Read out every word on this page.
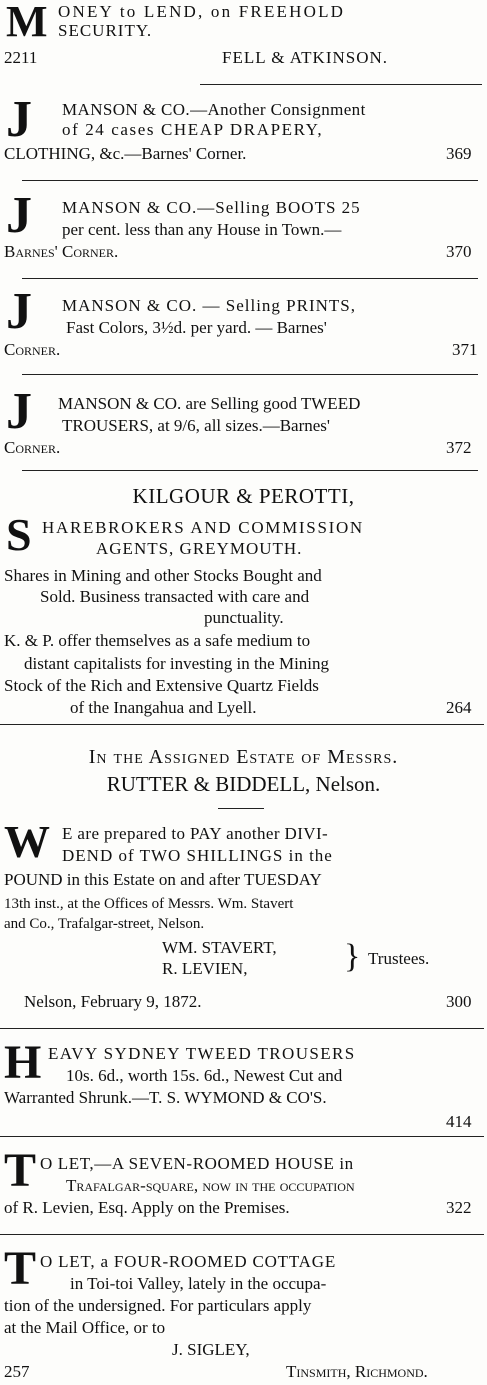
M ONEY to LEND, on FREEHOLD
SECURITY.
2211	FELL & ATKINSON.
J MANSON & CO.—Another Consignment
of 24 cases CHEAP DRAPERY,
CLOTHING, &c.—Barnes' Corner.	369
J MANSON & CO.—Selling BOOTS 25
per cent. less than any House in Town.—
Barnes' Corner.	370
J MANSON & CO. — Selling PRINTS,
Fast Colors, 3½d. per yard. — Barnes'
Corner.	371
J MANSON & CO. are Selling good TWEED
TROUSERS, at 9/6, all sizes.—Barnes'
Corner.	372
KILGOUR & PEROTTI,
S HAREBROKERS AND COMMISSION
AGENTS, GREYMOUTH.
Shares in Mining and other Stocks Bought and
Sold. Business transacted with care and
punctuality.
K. & P. offer themselves as a safe medium to
distant capitalists for investing in the Mining
Stock of the Rich and Extensive Quartz Fields
of the Inangahua and Lyell.	264
In the Assigned Estate of Messrs.
RUTTER & BIDDELL, Nelson.
W E are prepared to PAY another DIVI-
DEND of TWO SHILLINGS in the
POUND in this Estate on and after TUESDAY
13th inst., at the Offices of Messrs. Wm. Stavert
and Co., Trafalgar-street, Nelson.
WM. STAVERT,
R. LEVIEN,	} Trustees.
Nelson, February 9, 1872.	300
H EAVY SYDNEY TWEED TROUSERS
10s. 6d., worth 15s. 6d., Newest Cut and
Warranted Shrunk.—T. S. WYMOND & CO'S.
414
T O LET,—A SEVEN-ROOMED HOUSE in
Trafalgar-square, now in the occupation
of R. Levien, Esq. Apply on the Premises.	322
T O LET, a FOUR-ROOMED COTTAGE
in Toi-toi Valley, lately in the occupa-
tion of the undersigned. For particulars apply
at the Mail Office, or to
J. SIGLEY,
257	Tinsmith, Richmond.
